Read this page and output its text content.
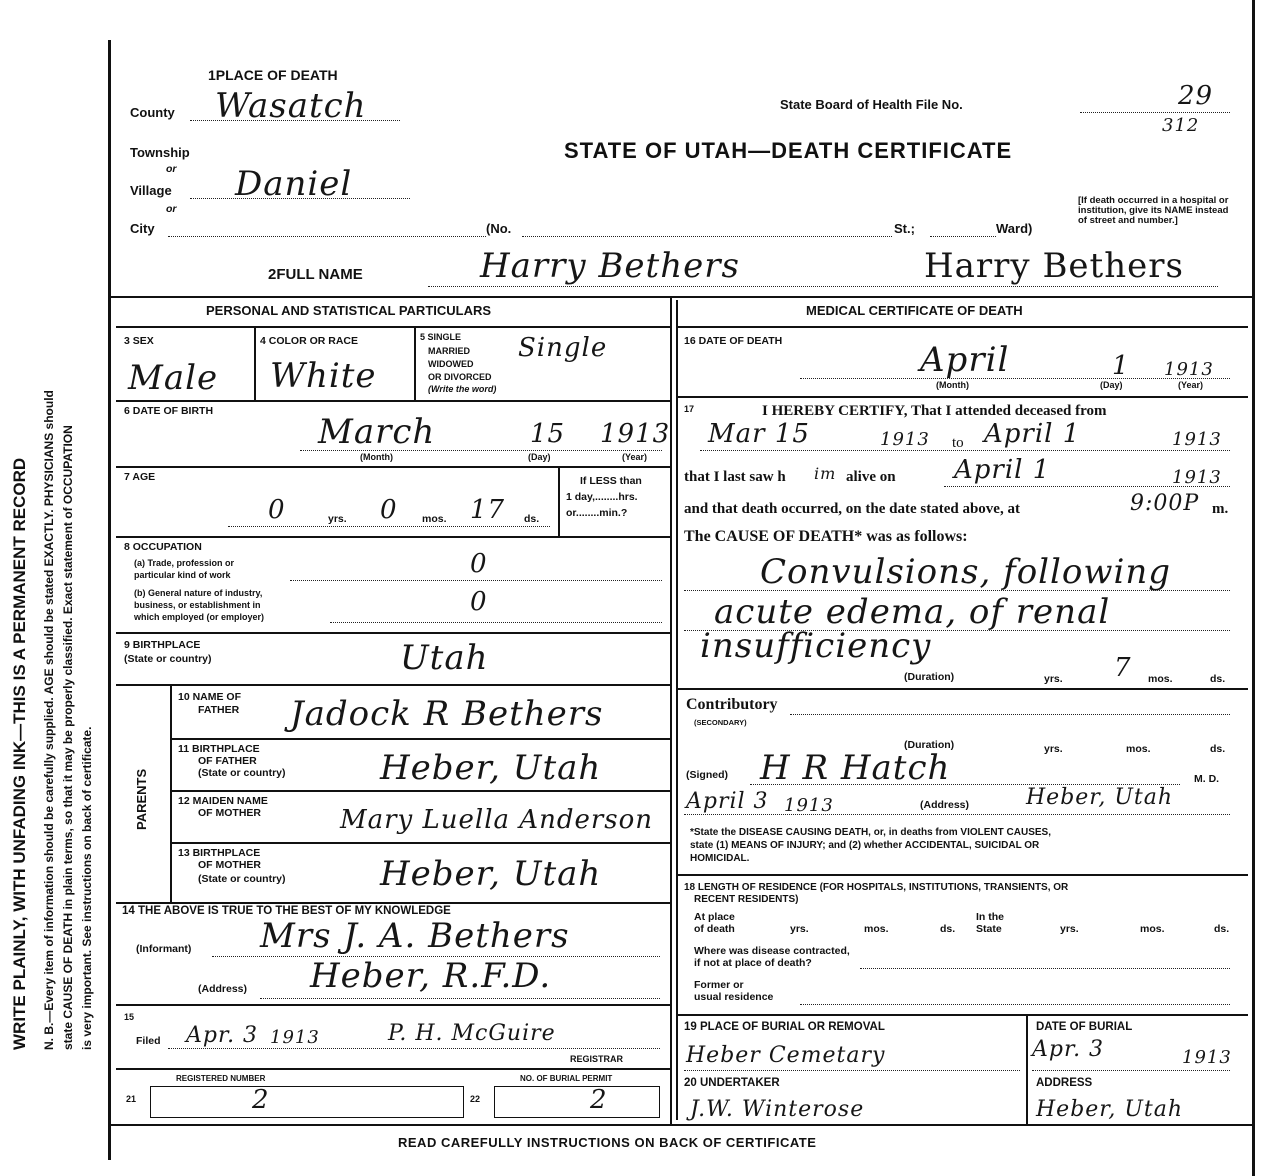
WRITE PLAINLY, WITH UNFADING INK—THIS IS A PERMANENT RECORD N. B.—Every item of information should be carefully supplied. AGE should be stated EXACTLY. PHYSICIANS should state CAUSE OF DEATH in plain terms, so that it may be properly classified. Exact statement of OCCUPATION is very important. See instructions on back of certificate.
1PLACE OF DEATH
County Wasatch
Township
or
Village Daniel
or
City	(No.	St.;	Ward)
State Board of Health File No.	29
312
STATE OF UTAH—DEATH CERTIFICATE
[If death occurred in a hospital or institution, give its NAME instead of street and number.]
2FULL NAME	Harry Bethers	Harry Bethers
PERSONAL AND STATISTICAL PARTICULARS
3 SEX
Male
4 COLOR OR RACE
White
5 SINGLE
MARRIED
WIDOWED
OR DIVORCED
(Write the word)
Single
6 DATE OF BIRTH
March	15 1913
(Month)	(Day)	(Year)
7 AGE
0	yrs. 0 mos. 17 ds.
If LESS than
1 day,........hrs.
or........min.?
8 OCCUPATION
(a) Trade, profession or
particular kind of work	0
(b) General nature of industry,
business, or establishment in
which employed (or employer)	0
9 BIRTHPLACE
(State or country)	Utah
PARENTS
10 NAME OF
FATHER Jadock R Bethers
11 BIRTHPLACE
OF FATHER
(State or country)	Heber, Utah
12 MAIDEN NAME
OF MOTHER	Mary Luella Anderson
13 BIRTHPLACE
OF MOTHER
(State or country)	Heber, Utah
14 THE ABOVE IS TRUE TO THE BEST OF MY KNOWLEDGE
(Informant) Mrs J. A. Bethers
(Address) Heber, R.F.D.
15
Filed Apr. 3 1913	P. H. McGuire
REGISTRAR
REGISTERED NUMBER	NO. OF BURIAL PERMIT
21	2	22	2
MEDICAL CERTIFICATE OF DEATH
16 DATE OF DEATH	April	1 1913
(Month)	(Day)	(Year)
17	I HEREBY CERTIFY, That I attended deceased from
Mar 15	1913 to April 1	1913
that I last saw h im alive on April 1	1913
and that death occurred, on the date stated above, at	9:00P m.
The CAUSE OF DEATH* was as follows:
Convulsions, following
acute edema, of renal
insufficiency
(Duration)	yrs. 7 mos.	ds.
Contributory
(SECONDARY)
(Duration)	yrs.	mos.	ds.
(Signed) H R Hatch	M. D.
April 3 1913	(Address)	Heber, Utah
*State the DISEASE CAUSING DEATH, or, in deaths from VIOLENT CAUSES,
state (1) MEANS OF INJURY; and (2) whether ACCIDENTAL, SUICIDAL OR
HOMICIDAL.
18 LENGTH OF RESIDENCE (FOR HOSPITALS, INSTITUTIONS, TRANSIENTS, OR
RECENT RESIDENTS)
At place
of death	yrs.	mos.	ds.
In the
State	yrs.	mos.	ds.
Where was disease contracted,
if not at place of death?
Former or
usual residence
19 PLACE OF BURIAL OR REMOVAL
Heber Cemetary
DATE OF BURIAL
Apr. 3	1913
20 UNDERTAKER
J.W. Winterose
ADDRESS
Heber, Utah
READ CAREFULLY INSTRUCTIONS ON BACK OF CERTIFICATE
